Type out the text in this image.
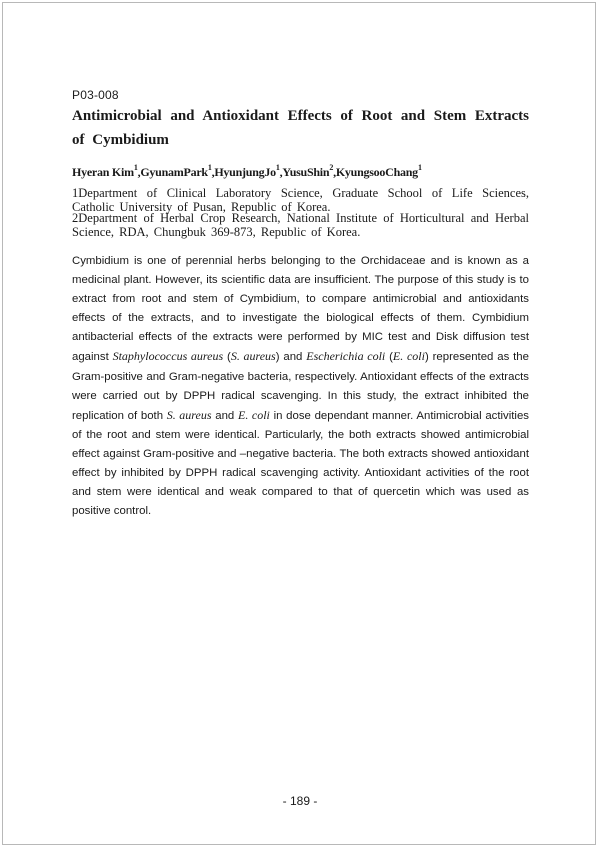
P03-008
Antimicrobial and Antioxidant Effects of Root and Stem Extracts of Cymbidium
Hyeran Kim$^1$,GyunamPark$^1$,HyunjungJo$^1$,YusuShin$^2$,KyungsooChang$^1$
1Department of Clinical Laboratory Science, Graduate School of Life Sciences, Catholic University of Pusan, Republic of Korea.
2Department of Herbal Crop Research, National Institute of Horticultural and Herbal Science, RDA, Chungbuk 369-873, Republic of Korea.
Cymbidium is one of perennial herbs belonging to the Orchidaceae and is known as a medicinal plant. However, its scientific data are insufficient. The purpose of this study is to extract from root and stem of Cymbidium, to compare antimicrobial and antioxidants effects of the extracts, and to investigate the biological effects of them. Cymbidium antibacterial effects of the extracts were performed by MIC test and Disk diffusion test against Staphylococcus aureus (S. aureus) and Escherichia coli (E. coli) represented as the Gram-positive and Gram-negative bacteria, respectively. Antioxidant effects of the extracts were carried out by DPPH radical scavenging. In this study, the extract inhibited the replication of both S. aureus and E. coli in dose dependant manner. Antimicrobial activities of the root and stem were identical. Particularly, the both extracts showed antimicrobial effect against Gram-positive and –negative bacteria. The both extracts showed antioxidant effect by inhibited by DPPH radical scavenging activity. Antioxidant activities of the root and stem were identical and weak compared to that of quercetin which was used as positive control.
- 189 -
